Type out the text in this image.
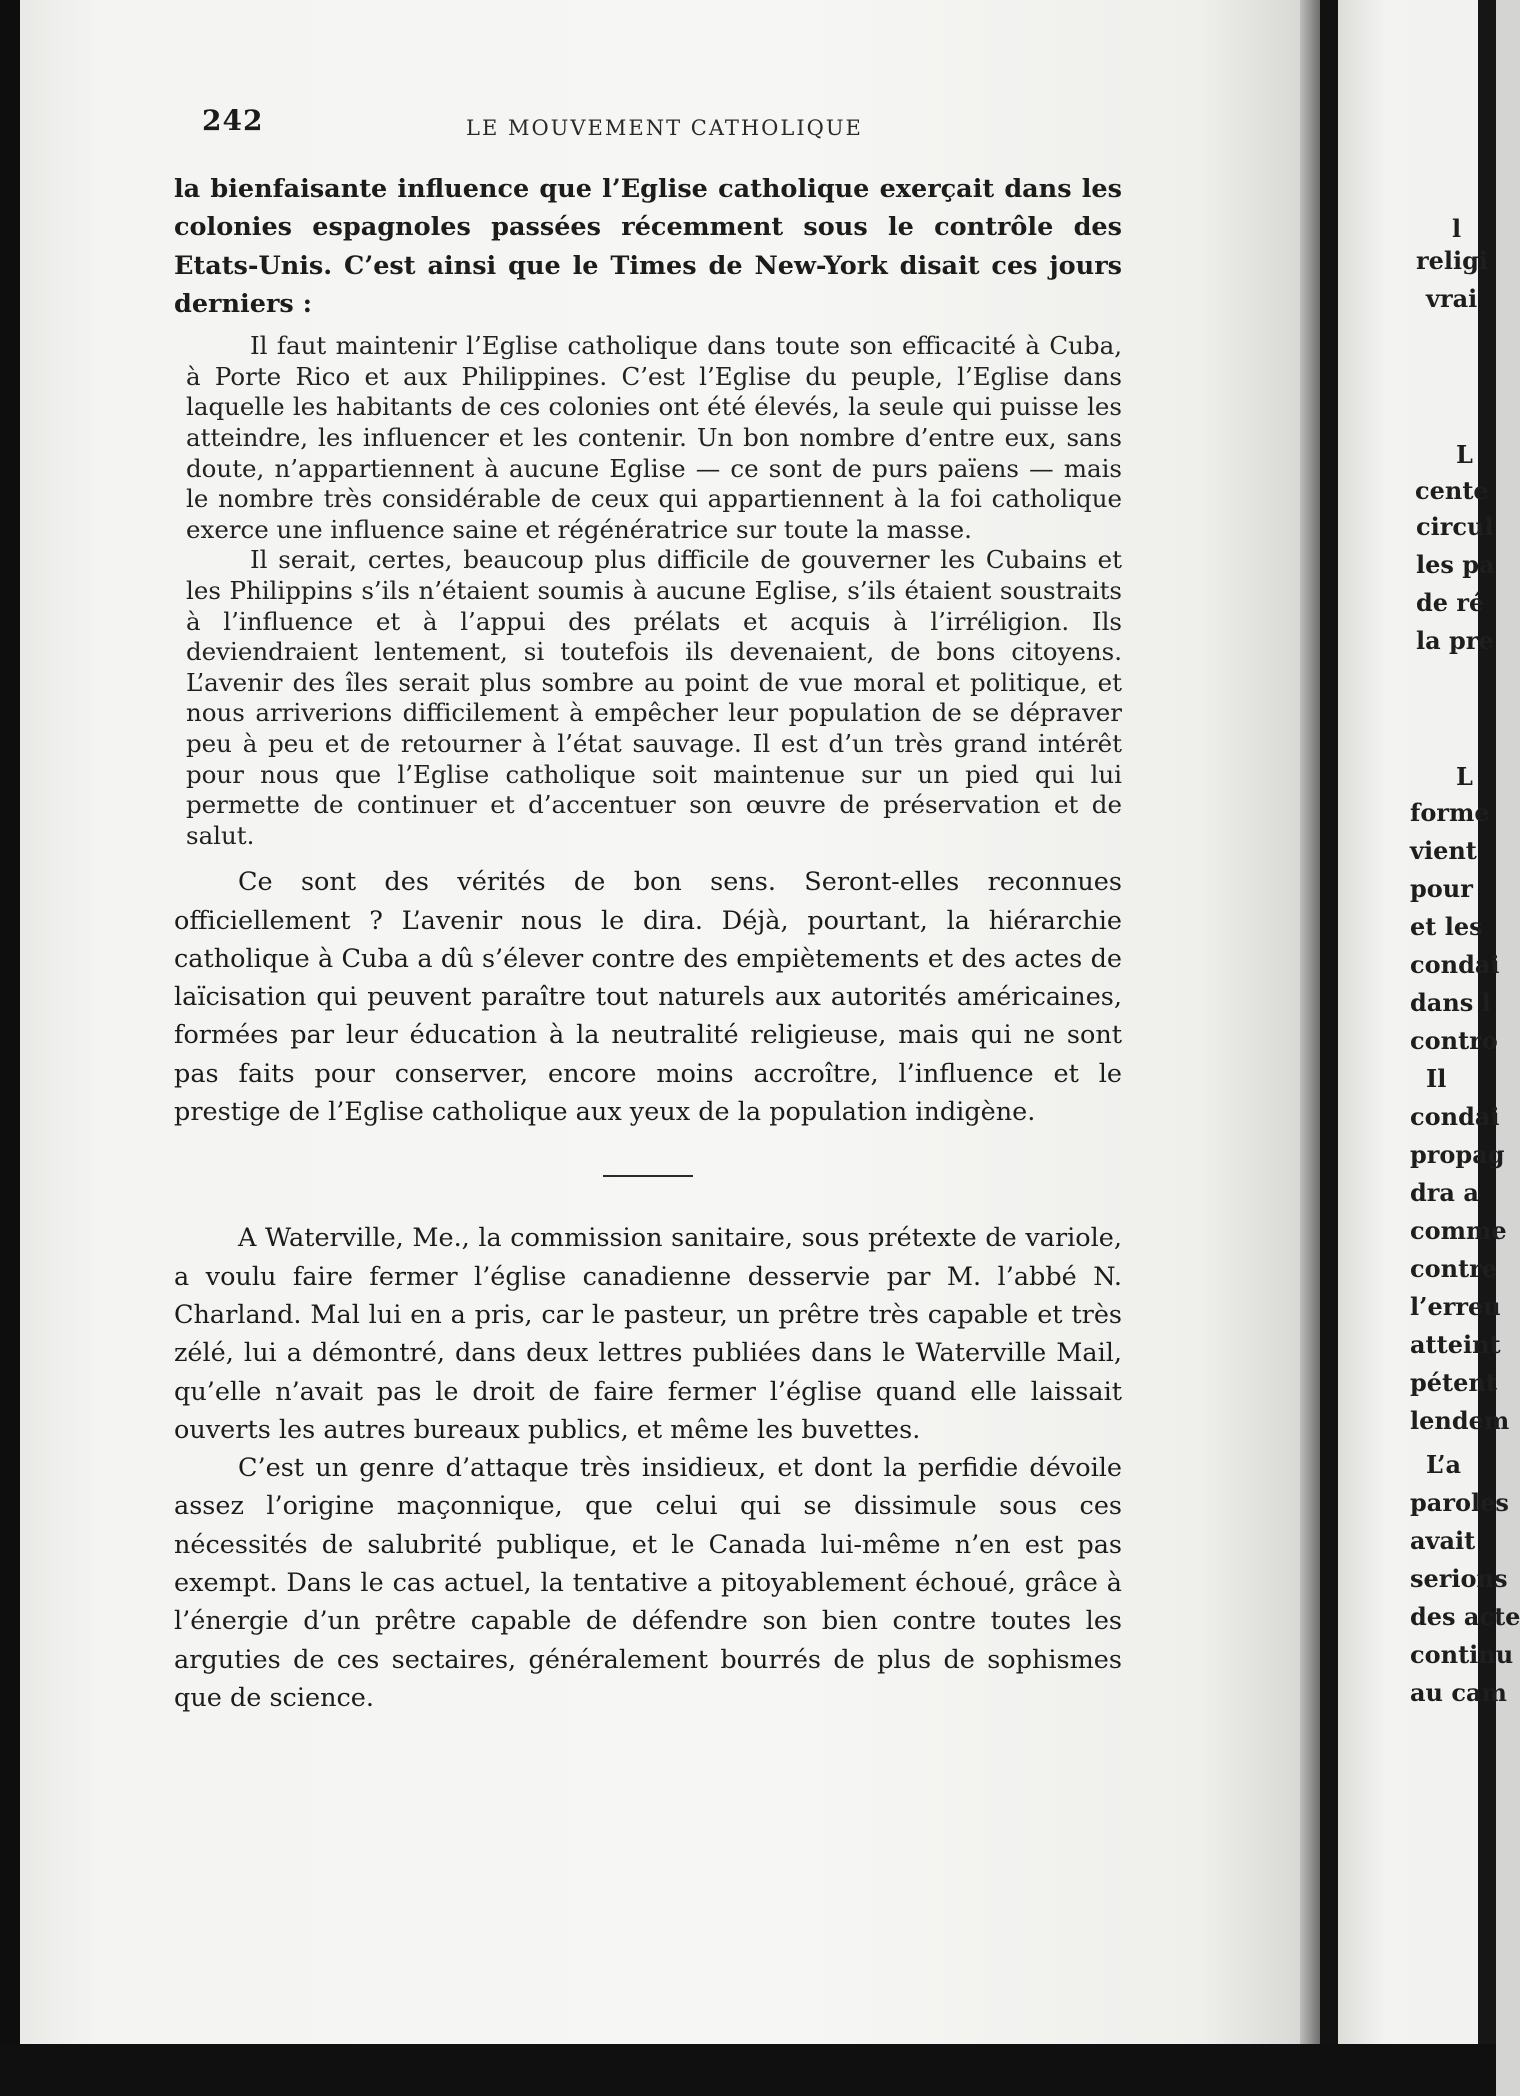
242	LE MOUVEMENT CATHOLIQUE

la bienfaisante influence que l’Eglise catholique exerçait dans les colonies espagnoles passées récemment sous le contrôle des Etats-Unis. C’est ainsi que le Times de New-York disait ces jours derniers :

Il faut maintenir l’Eglise catholique dans toute son efficacité à Cuba, à Porte Rico et aux Philippines. C’est l’Eglise du peuple, l’Eglise dans laquelle les habitants de ces colonies ont été élevés, la seule qui puisse les atteindre, les influencer et les contenir. Un bon nombre d’entre eux, sans doute, n’appartiennent à aucune Eglise — ce sont de purs païens — mais le nombre très considérable de ceux qui appartiennent à la foi catholique exerce une influence saine et régénératrice sur toute la masse.

Il serait, certes, beaucoup plus difficile de gouverner les Cubains et les Philippins s’ils n’étaient soumis à aucune Eglise, s’ils étaient soustraits à l’influence et à l’appui des prélats et acquis à l’irréligion. Ils deviendraient lentement, si toutefois ils devenaient, de bons citoyens. L’avenir des îles serait plus sombre au point de vue moral et politique, et nous arriverions difficilement à empêcher leur population de se dépraver peu à peu et de retourner à l’état sauvage. Il est d’un très grand intérêt pour nous que l’Eglise catholique soit maintenue sur un pied qui lui permette de continuer et d’accentuer son œuvre de préservation et de salut.

Ce sont des vérités de bon sens. Seront-elles reconnues officiellement ? L’avenir nous le dira. Déjà, pourtant, la hiérarchie catholique à Cuba a dû s’élever contre des empiètements et des actes de laïcisation qui peuvent paraître tout naturels aux autorités américaines, formées par leur éducation à la neutralité religieuse, mais qui ne sont pas faits pour conserver, encore moins accroître, l’influence et le prestige de l’Eglise catholique aux yeux de la population indigène.

A Waterville, Me., la commission sanitaire, sous prétexte de variole, a voulu faire fermer l’église canadienne desservie par M. l’abbé N. Charland. Mal lui en a pris, car le pasteur, un prêtre très capable et très zélé, lui a démontré, dans deux lettres publiées dans le Waterville Mail, qu’elle n’avait pas le droit de faire fermer l’église quand elle laissait ouverts les autres bureaux publics, et même les buvettes.

C’est un genre d’attaque très insidieux, et dont la perfidie dévoile assez l’origine maçonnique, que celui qui se dissimule sous ces nécessités de salubrité publique, et le Canada lui-même n’en est pas exempt. Dans le cas actuel, la tentative a pitoyablement échoué, grâce à l’énergie d’un prêtre capable de défendre son bien contre toutes les arguties de ces sectaires, généralement bourrés de plus de sophismes que de science.

l
religi
vrai
L
cente
circul
les pa
de ré
la pre
L
forme
vient
pour
et les
condai
dans l
contro
Il
condai
propag
dra a
comme
contre
l’erreu
atteint
pétent
lendem
L’a
paroles
avait
serions
des acte
continu
au cam
